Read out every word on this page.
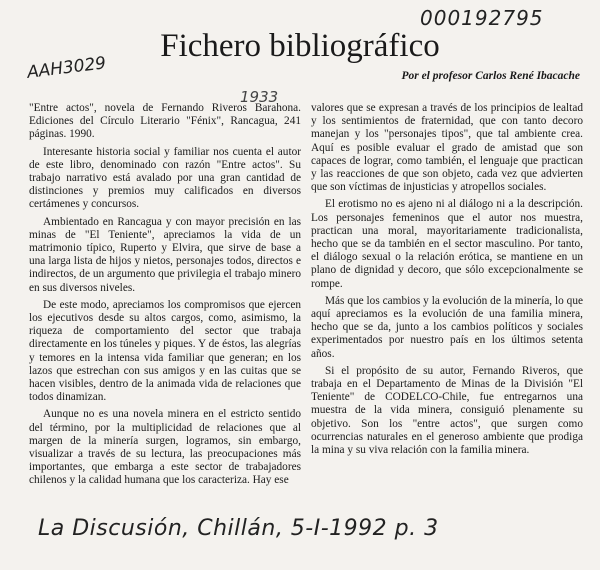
000192795
AAH3029
1933
Fichero bibliográfico

Por el profesor Carlos René Ibacache

"Entre actos", novela de Fernando Riveros Barahona. Ediciones del Círculo Literario "Fénix", Rancagua, 241 páginas. 1990.

Interesante historia social y familiar nos cuenta el autor de este libro, denominado con razón "Entre actos". Su trabajo narrativo está avalado por una gran cantidad de distinciones y premios muy calificados en diversos certámenes y concursos.

Ambientado en Rancagua y con mayor precisión en las minas de "El Teniente", apreciamos la vida de un matrimonio típico, Ruperto y Elvira, que sirve de base a una larga lista de hijos y nietos, personajes todos, directos e indirectos, de un argumento que privilegia el trabajo minero en sus diversos niveles.

De este modo, apreciamos los compromisos que ejercen los ejecutivos desde su altos cargos, como, asimismo, la riqueza de comportamiento del sector que trabaja directamente en los túneles y piques. Y de éstos, las alegrías y temores en la intensa vida familiar que generan; en los lazos que estrechan con sus amigos y en las cuitas que se hacen visibles, dentro de la animada vida de relaciones que todos dinamizan.

Aunque no es una novela minera en el estricto sentido del término, por la multiplicidad de relaciones que al margen de la minería surgen, logramos, sin embargo, visualizar a través de su lectura, las preocupaciones más importantes, que embarga a este sector de trabajadores chilenos y la calidad humana que los caracteriza. Hay ese

valores que se expresan a través de los principios de lealtad y los sentimientos de fraternidad, que con tanto decoro manejan y los "personajes tipos", que tal ambiente crea. Aquí es posible evaluar el grado de amistad que son capaces de lograr, como también, el lenguaje que practican y las reacciones de que son objeto, cada vez que advierten que son víctimas de injusticias y atropellos sociales.

El erotismo no es ajeno ni al diálogo ni a la descripción. Los personajes femeninos que el autor nos muestra, practican una moral, mayoritariamente tradicionalista, hecho que se da también en el sector masculino. Por tanto, el diálogo sexual o la relación erótica, se mantiene en un plano de dignidad y decoro, que sólo excepcionalmente se rompe.

Más que los cambios y la evolución de la minería, lo que aquí apreciamos es la evolución de una familia minera, hecho que se da, junto a los cambios políticos y sociales experimentados por nuestro país en los últimos setenta años.

Si el propósito de su autor, Fernando Riveros, que trabaja en el Departamento de Minas de la División "El Teniente" de CODELCO-Chile, fue entregarnos una muestra de la vida minera, consiguió plenamente su objetivo. Son los "entre actos", que surgen como ocurrencias naturales en el generoso ambiente que prodiga la mina y su viva relación con la familia minera.

La Discusión, Chillán, 5-I-1992 p. 3
